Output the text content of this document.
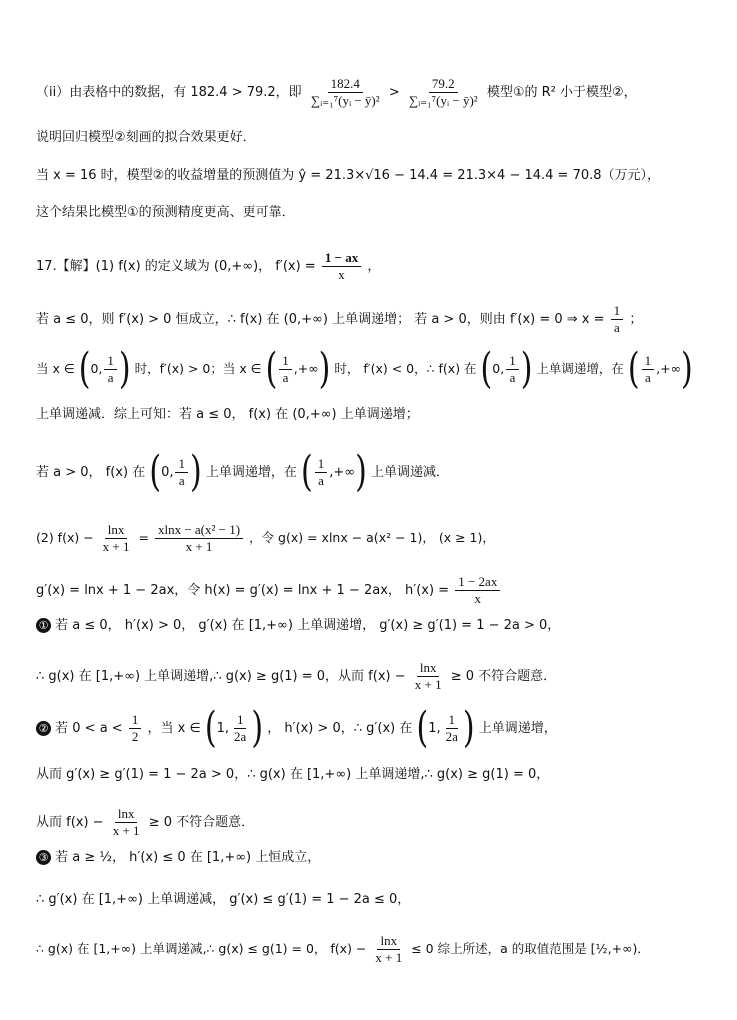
（ii）由表格中的数据，有 182.4 > 79.2，即 $\frac{182.4}{\text{∑ᵢ₌₁⁷(yᵢ − ȳ)²}} > \frac{79.2}{\text{∑ᵢ₌₁⁷(yᵢ − ȳ)²}}$ 模型①的 R² 小于模型②，
说明回归模型②刻画的拟合效果更好．
当 x = 16 时，模型②的收益增量的预测值为 ŷ = 21.3×√16 − 14.4 = 21.3×4 − 14.4 = 70.8（万元），
这个结果比模型①的预测精度更高、更可靠．
17.【解】(1) f(x) 的定义域为 (0,+∞)， $f'(x) = \frac{1 - ax}{x}$ ，
若 a ≤ 0，则 f′(x) > 0 恒成立，∴ f(x) 在 (0,+∞) 上单调递增； 若 a > 0，则由 f′(x) = 0 ⇒ $x = \frac{1}{a}$ ；
当 x ∈ (0, $\frac{1}{a}$ ) 时，f′(x) > 0；当 x ∈ ( $\frac{1}{a}$ ,+∞) 时， f′(x) < 0，∴ f(x) 在 (0, $\frac{1}{a}$ ) 上单调递增，在 ( $\frac{1}{a}$ ,+∞)
上单调递减．综上可知：若 a ≤ 0， f(x) 在 (0,+∞) 上单调递增；
若 a > 0， f(x) 在 (0, $\frac{1}{a}$ ) 上单调递增，在 ( $\frac{1}{a}$ ,+∞) 上单调递减．
(2) $f(x) - \frac{\ln x}{x + 1} = \frac{\text{xlnx − a(x² − 1)}}{x + 1}$ ，令 g(x) = xlnx − a(x² − 1)， (x ≥ 1)，
g′(x) = lnx + 1 − 2ax，令 h(x) = g′(x) = lnx + 1 − 2ax， $h'(x) = \frac{1 - 2ax}{x}$
① 若 a ≤ 0， h′(x) > 0， g′(x) 在 [1,+∞) 上单调递增， g′(x) ≥ g′(1) = 1 − 2a > 0，
∴ g(x) 在 [1,+∞) 上单调递增,∴ g(x) ≥ g(1) = 0，从而 $f(x) - \frac{\ln x}{x + 1} \ge 0$ 不符合题意．
② 若 $0 < a < \frac{1}{2}$ ，当 x ∈ (1, $\frac{1}{2a}$ ) ， h′(x) > 0，∴ g′(x) 在 (1, $\frac{1}{2a}$ ) 上单调递增，
从而 g′(x) ≥ g′(1) = 1 − 2a > 0，∴ g(x) 在 [1,+∞) 上单调递增,∴ g(x) ≥ g(1) = 0，
从而 $f(x) - \frac{\ln x}{x + 1} \ge 0$ 不符合题意．
③ 若 a ≥ ½， h′(x) ≤ 0 在 [1,+∞) 上恒成立，
∴ g′(x) 在 [1,+∞) 上单调递减， g′(x) ≤ g′(1) = 1 − 2a ≤ 0，
∴ g(x) 在 [1,+∞) 上单调递减,∴ g(x) ≤ g(1) = 0， $f(x) - \frac{\ln x}{x + 1} \le 0$ 综上所述，a 的取值范围是 [½,+∞)．
